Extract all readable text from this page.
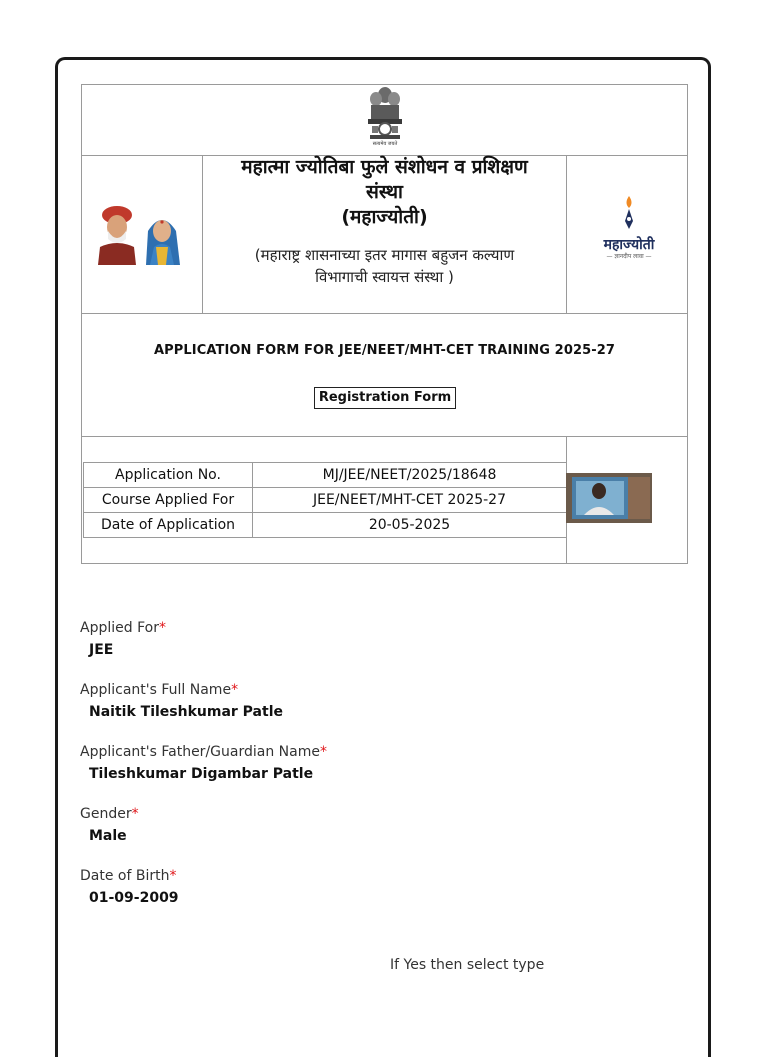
सत्यमेव जयते
महात्मा ज्योतिबा फुले संशोधन व प्रशिक्षण
संस्था
(महाज्योती)
(महाराष्ट्र शासनाच्या इतर मागास बहुजन कल्याण
विभागाची स्वायत्त संस्था )
महाज्योती
— ज्ञानदीप लावा —
APPLICATION FORM FOR JEE/NEET/MHT-CET TRAINING 2025-27
Registration Form
Application No.	MJ/JEE/NEET/2025/18648
Course Applied For	JEE/NEET/MHT-CET 2025-27
Date of Application	20-05-2025
Applied For*
JEE
Applicant's Full Name*
Naitik Tileshkumar Patle
Applicant's Father/Guardian Name*
Tileshkumar Digambar Patle
Gender*
Male
Date of Birth*
01-09-2009
If Yes then select type
